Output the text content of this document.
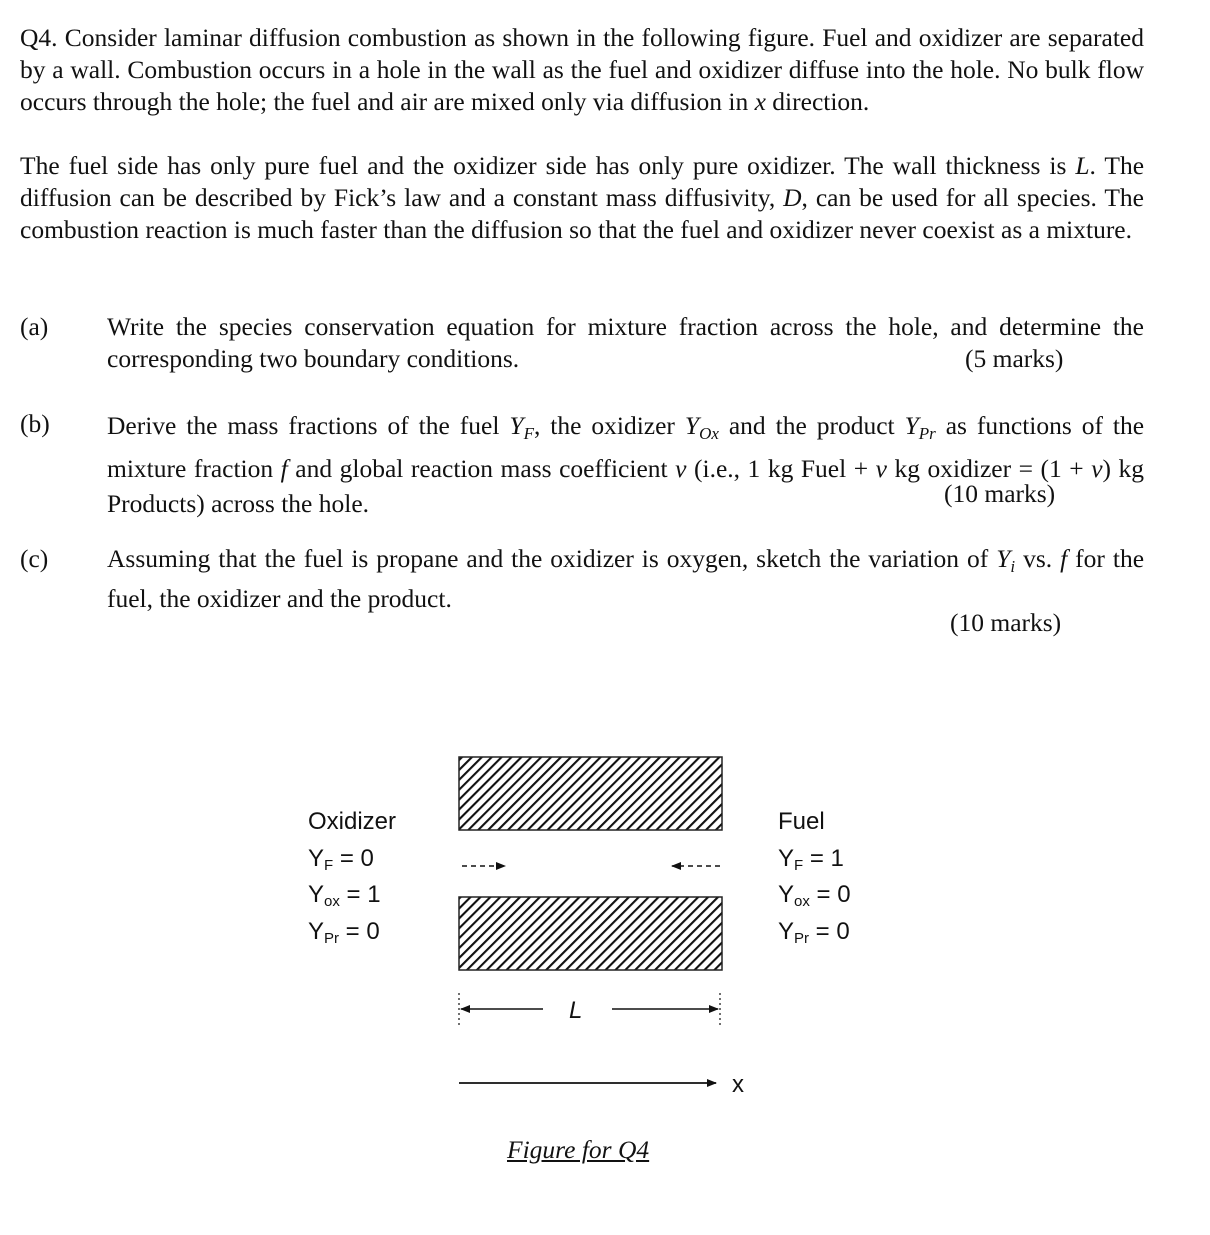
Q4. Consider laminar diffusion combustion as shown in the following figure. Fuel and oxidizer are separated by a wall. Combustion occurs in a hole in the wall as the fuel and oxidizer diffuse into the hole. No bulk flow occurs through the hole; the fuel and air are mixed only via diffusion in x direction.
The fuel side has only pure fuel and the oxidizer side has only pure oxidizer. The wall thickness is L. The diffusion can be described by Fick’s law and a constant mass diffusivity, D, can be used for all species. The combustion reaction is much faster than the diffusion so that the fuel and oxidizer never coexist as a mixture.
(a) Write the species conservation equation for mixture fraction across the hole, and determine the corresponding two boundary conditions.	(5 marks)
(b) Derive the mass fractions of the fuel $Y_F$, the oxidizer $Y_{Ox}$ and the product $Y_{Pr}$ as functions of the mixture fraction f and global reaction mass coefficient v (i.e., 1 kg Fuel + v kg oxidizer = (1 + v) kg Products) across the hole.	(10 marks)
(c) Assuming that the fuel is propane and the oxidizer is oxygen, sketch the variation of $Y_i$ vs. f for the fuel, the oxidizer and the product.
(10 marks)
Oxidizer
YF = 0
Yox = 1
YPr = 0
Fuel
YF = 1
Yox = 0
YPr = 0
L
x
Figure for Q4
